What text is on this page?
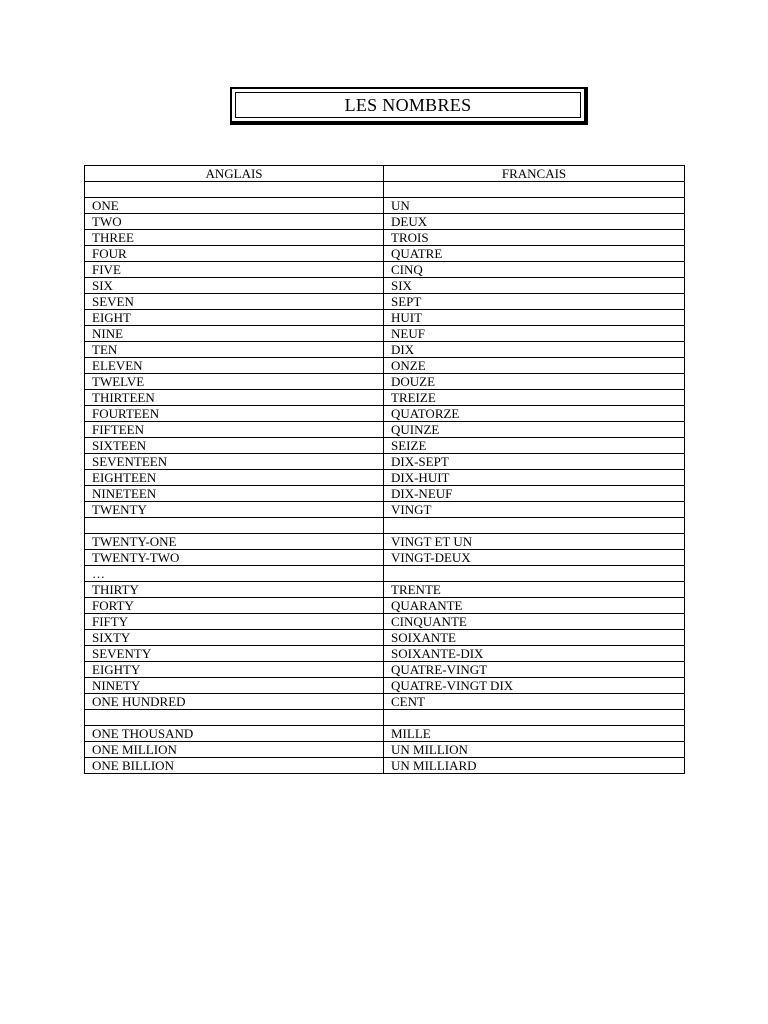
LES NOMBRES
ANGLAIS	FRANCAIS

ONE	UN
TWO	DEUX
THREE	TROIS
FOUR	QUATRE
FIVE	CINQ
SIX	SIX
SEVEN	SEPT
EIGHT	HUIT
NINE	NEUF
TEN	DIX
ELEVEN	ONZE
TWELVE	DOUZE
THIRTEEN	TREIZE
FOURTEEN	QUATORZE
FIFTEEN	QUINZE
SIXTEEN	SEIZE
SEVENTEEN	DIX-SEPT
EIGHTEEN	DIX-HUIT
NINETEEN	DIX-NEUF
TWENTY	VINGT

TWENTY-ONE	VINGT ET UN
TWENTY-TWO	VINGT-DEUX
…	
THIRTY	TRENTE
FORTY	QUARANTE
FIFTY	CINQUANTE
SIXTY	SOIXANTE
SEVENTY	SOIXANTE-DIX
EIGHTY	QUATRE-VINGT
NINETY	QUATRE-VINGT DIX
ONE HUNDRED	CENT

ONE THOUSAND	MILLE
ONE MILLION	UN MILLION
ONE BILLION	UN MILLIARD
